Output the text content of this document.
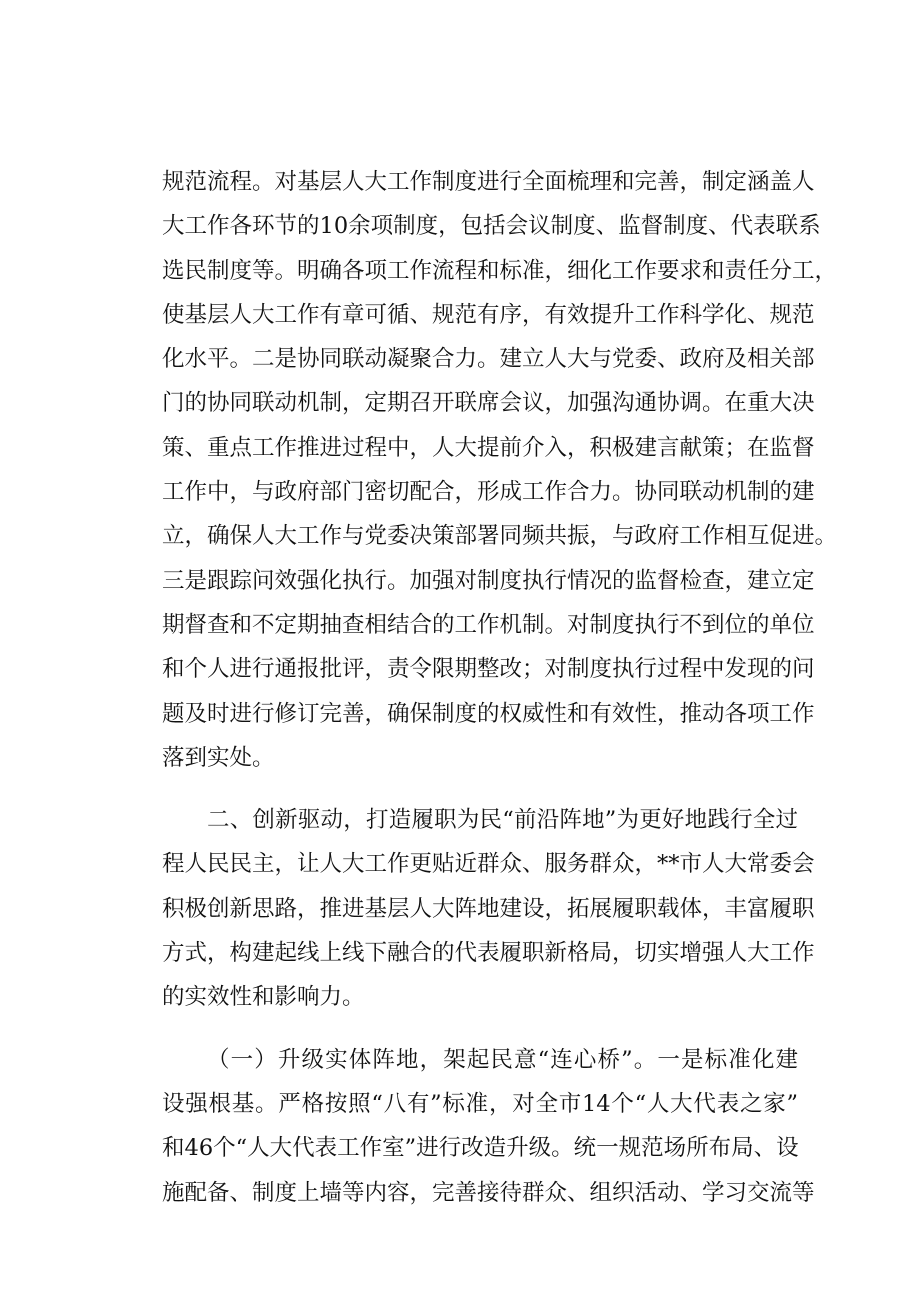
规范流程。对基层人大工作制度进行全面梳理和完善，制定涵盖人
大工作各环节的10余项制度，包括会议制度、监督制度、代表联系
选民制度等。明确各项工作流程和标准，细化工作要求和责任分工，
使基层人大工作有章可循、规范有序，有效提升工作科学化、规范
化水平。二是协同联动凝聚合力。建立人大与党委、政府及相关部
门的协同联动机制，定期召开联席会议，加强沟通协调。在重大决
策、重点工作推进过程中，人大提前介入，积极建言献策；在监督
工作中，与政府部门密切配合，形成工作合力。协同联动机制的建
立，确保人大工作与党委决策部署同频共振，与政府工作相互促进。
三是跟踪问效强化执行。加强对制度执行情况的监督检查，建立定
期督查和不定期抽查相结合的工作机制。对制度执行不到位的单位
和个人进行通报批评，责令限期整改；对制度执行过程中发现的问
题及时进行修订完善，确保制度的权威性和有效性，推动各项工作
落到实处。
二、创新驱动，打造履职为民“前沿阵地”为更好地践行全过
程人民民主，让人大工作更贴近群众、服务群众，**市人大常委会
积极创新思路，推进基层人大阵地建设，拓展履职载体，丰富履职
方式，构建起线上线下融合的代表履职新格局，切实增强人大工作
的实效性和影响力。
（一）升级实体阵地，架起民意“连心桥”。一是标准化建
设强根基。严格按照“八有”标准，对全市14个“人大代表之家”
和46个“人大代表工作室”进行改造升级。统一规范场所布局、设
施配备、制度上墙等内容，完善接待群众、组织活动、学习交流等
